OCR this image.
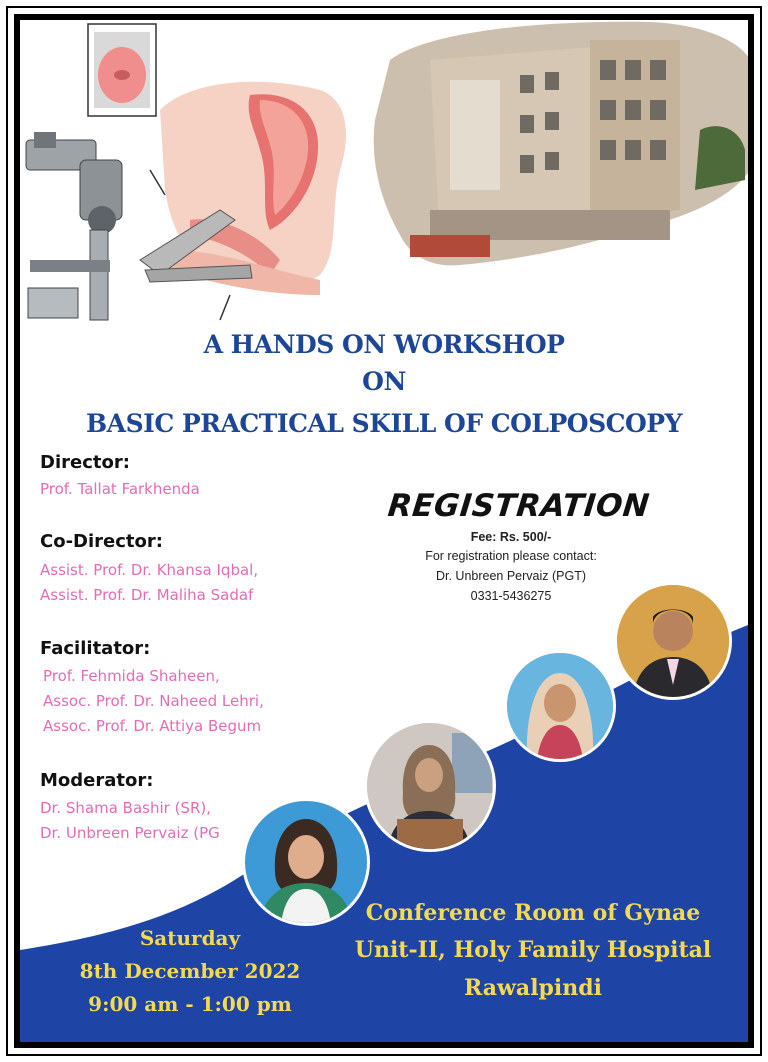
A HANDS ON WORKSHOP
ON
BASIC PRACTICAL SKILL OF COLPOSCOPY
Director:
Prof. Tallat Farkhenda
Co-Director:
Assist. Prof. Dr. Khansa Iqbal,
Assist. Prof. Dr. Maliha Sadaf
Facilitator:
Prof. Fehmida Shaheen,
Assoc. Prof. Dr. Naheed Lehri,
Assoc. Prof. Dr. Attiya Begum
Moderator:
Dr. Shama Bashir (SR),
Dr. Unbreen Pervaiz (PG
REGISTRATION
Fee: Rs. 500/-
For registration please contact:
Dr. Unbreen Pervaiz (PGT)
0331-5436275
Saturday
8th December 2022
9:00 am - 1:00 pm
Conference Room of Gynae
Unit-II, Holy Family Hospital
Rawalpindi
